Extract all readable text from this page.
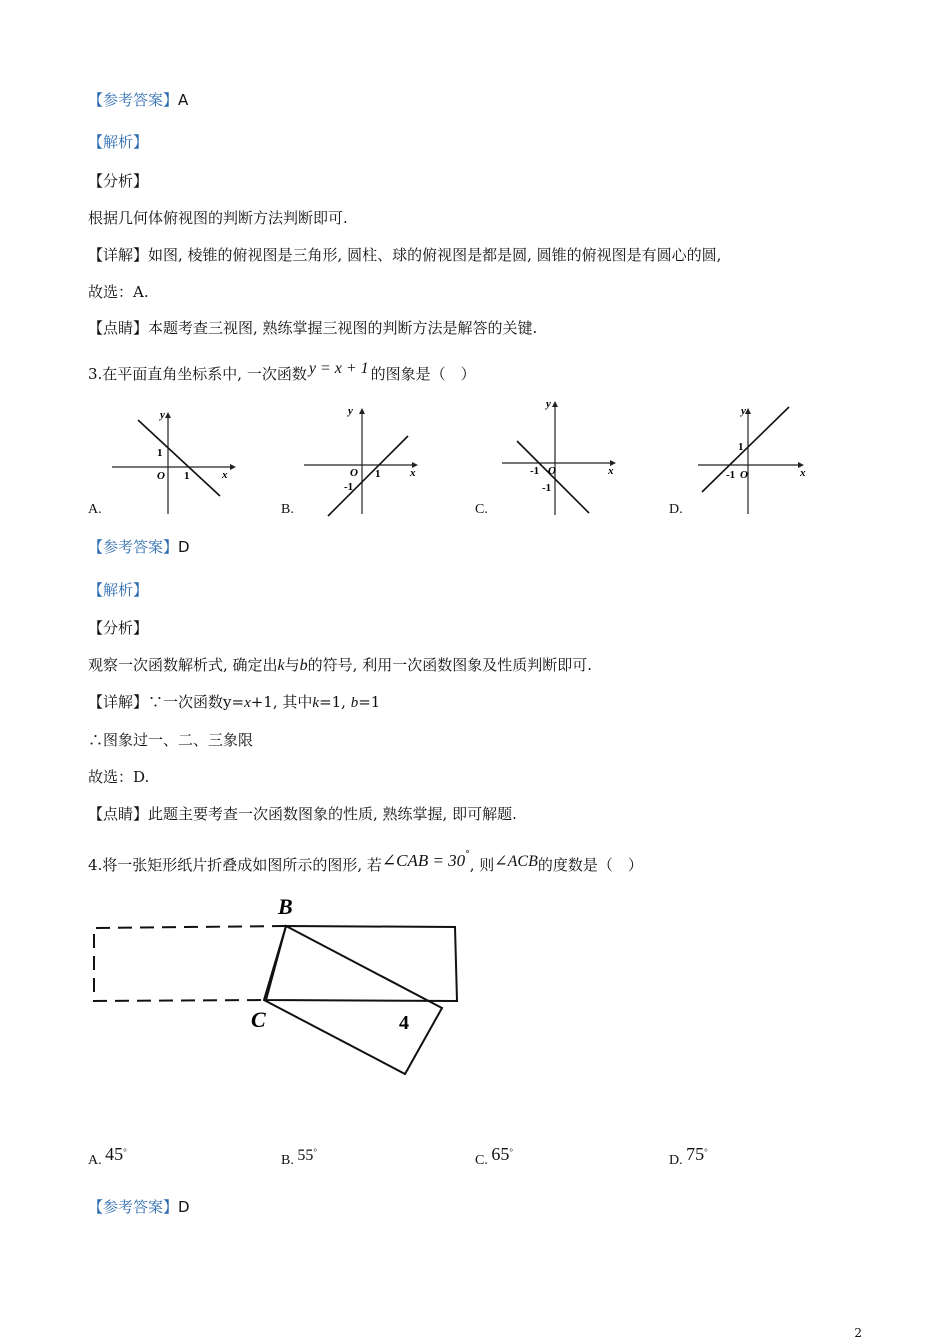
【参考答案】A
【解析】
【分析】
根据几何体俯视图的判断方法判断即可.
【详解】如图, 棱锥的俯视图是三角形, 圆柱、球的俯视图是都是圆, 圆锥的俯视图是有圆心的圆,
故选：A.
【点睛】本题考查三视图, 熟练掌握三视图的判断方法是解答的关键.
3.在平面直角坐标系中, 一次函数 y = x + 1 的图象是（　）
y
x
O
1
1
A.
y
x
O
-1
1
B.
y
x
O
-1
-1
C.
y
x
O
1
-1
D.
【参考答案】D
【解析】
【分析】
观察一次函数解析式, 确定出k与b的符号, 利用一次函数图象及性质判断即可.
【详解】∵一次函数y=x+1, 其中k=1, b=1
∴图象过一、二、三象限
故选：D.
【点睛】此题主要考查一次函数图象的性质, 熟练掌握, 即可解题.
4.将一张矩形纸片折叠成如图所示的图形, 若∠CAB = 30°, 则∠ACB的度数是（　）
B
C	4
A. 45°
B. 55°
C. 65°
D. 75°
【参考答案】D
2
